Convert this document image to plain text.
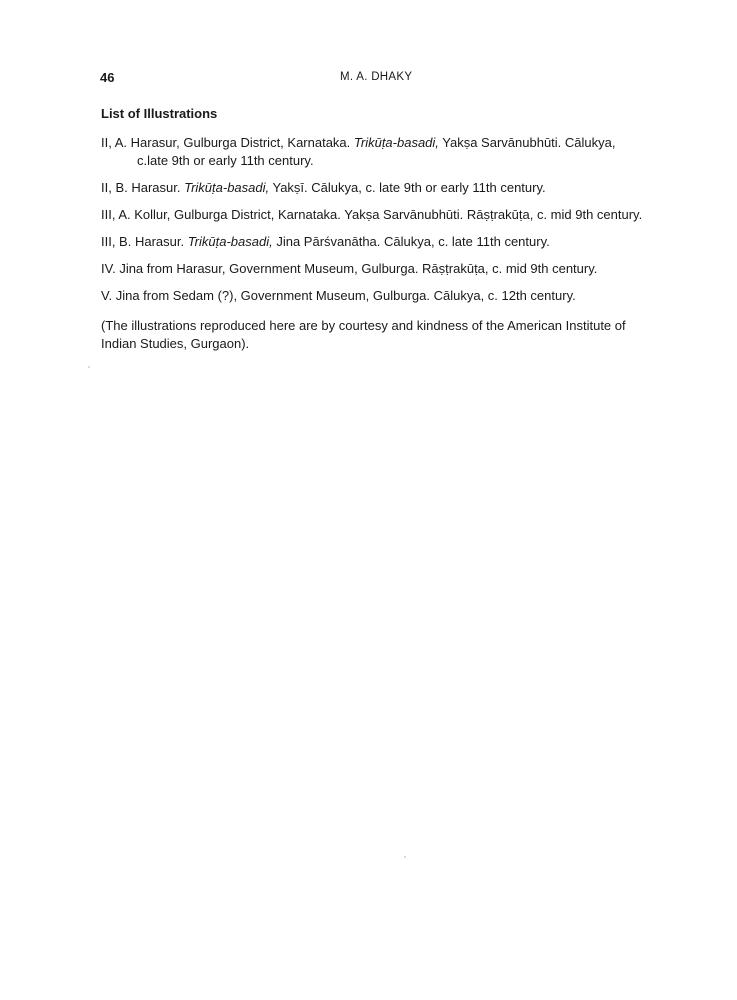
46	M. A. DHAKY
List of Illustrations
II, A. Harasur, Gulburga District, Karnataka. Trikūṭa-basadi, Yakṣa Sarvānubhūti. Cālukya, c.late 9th or early 11th century.
II, B. Harasur. Trikūṭa-basadi, Yakṣī. Cālukya, c. late 9th or early 11th century.
III, A. Kollur, Gulburga District, Karnataka. Yakṣa Sarvānubhūti. Rāṣṭrakūṭa, c. mid 9th century.
III, B. Harasur. Trikūṭa-basadi, Jina Pārśvanātha. Cālukya, c. late 11th century.
IV. Jina from Harasur, Government Museum, Gulburga. Rāṣṭrakūṭa, c. mid 9th century.
V. Jina from Sedam (?), Government Museum, Gulburga. Cālukya, c. 12th century.
(The illustrations reproduced here are by courtesy and kindness of the American Institute of Indian Studies, Gurgaon).
